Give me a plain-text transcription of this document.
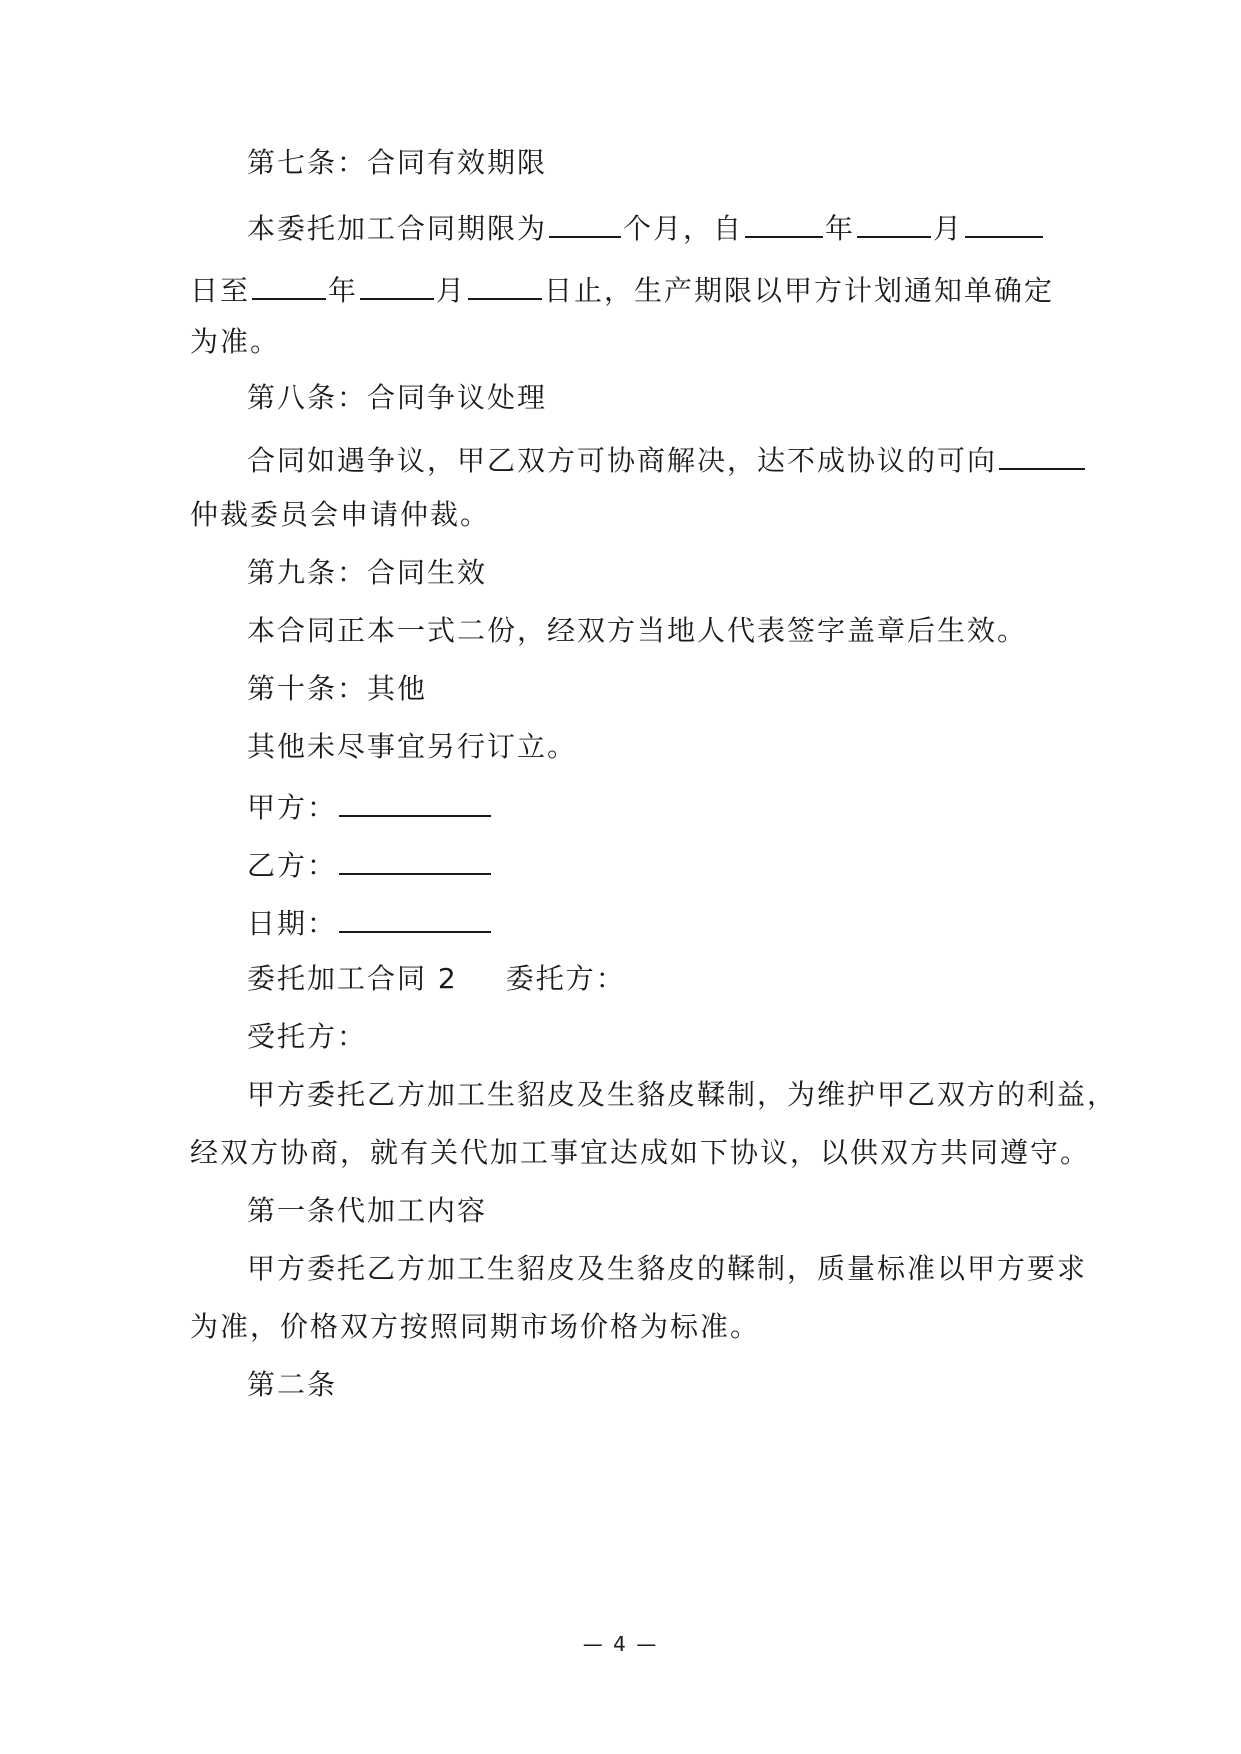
第七条：合同有效期限
本委托加工合同期限为	个月，自	年	月
日至	年	月	日止，生产期限以甲方计划通知单确定
为准。
第八条：合同争议处理
合同如遇争议，甲乙双方可协商解决，达不成协议的可向
仲裁委员会申请仲裁。
第九条：合同生效
本合同正本一式二份，经双方当地人代表签字盖章后生效。
第十条：其他
其他未尽事宜另行订立。
甲方：
乙方：
日期：
委托加工合同 2 委托方：
受托方：
甲方委托乙方加工生貂皮及生貉皮鞣制，为维护甲乙双方的利益，
经双方协商，就有关代加工事宜达成如下协议，以供双方共同遵守。
第一条代加工内容
甲方委托乙方加工生貂皮及生貉皮的鞣制，质量标准以甲方要求
为准，价格双方按照同期市场价格为标准。
第二条
— 4 —
